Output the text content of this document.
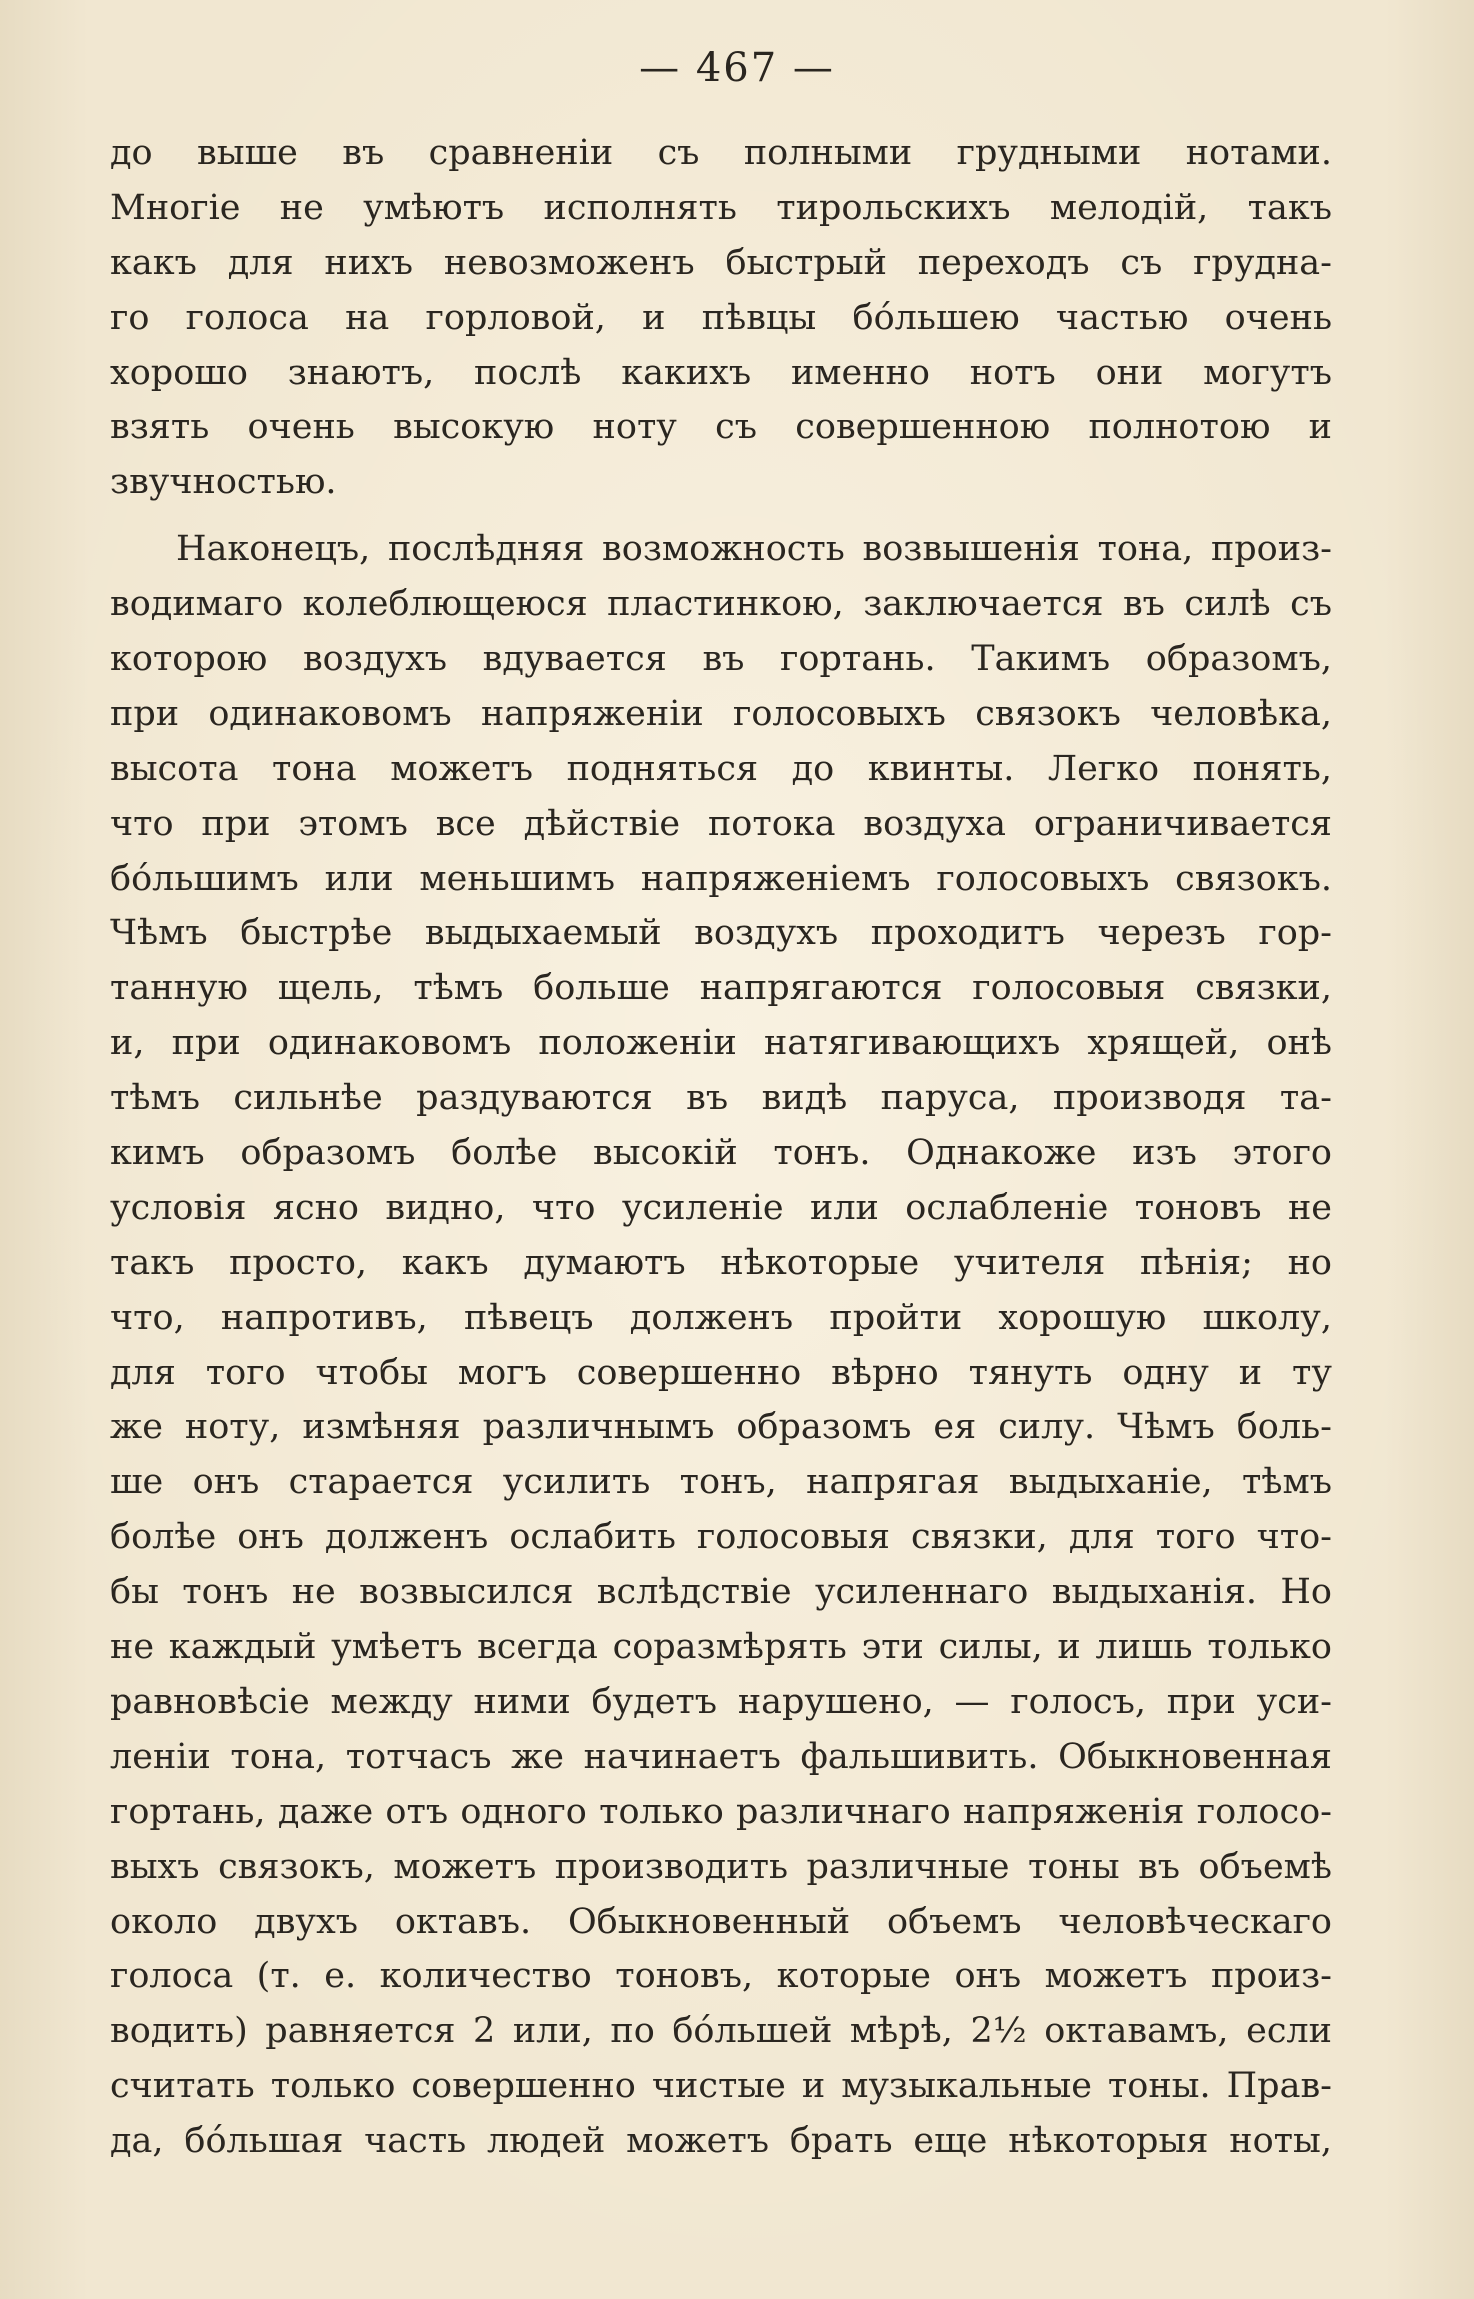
— 467 —
до выше въ сравненіи съ полными грудными нотами.
Многіе не умѣютъ исполнять тирольскихъ мелодій, такъ
какъ для нихъ невозможенъ быстрый переходъ съ грудна-
го голоса на горловой, и пѣвцы бо́льшею частью очень
хорошо знаютъ, послѣ какихъ именно нотъ они могутъ
взять очень высокую ноту съ совершенною полнотою и
звучностью.
Наконецъ, послѣдняя возможность возвышенія тона, произ-
водимаго колеблющеюся пластинкою, заключается въ силѣ съ
которою воздухъ вдувается въ гортань. Такимъ образомъ,
при одинаковомъ напряженіи голосовыхъ связокъ человѣка,
высота тона можетъ подняться до квинты. Легко понять,
что при этомъ все дѣйствіе потока воздуха ограничивается
бо́льшимъ или меньшимъ напряженіемъ голосовыхъ связокъ.
Чѣмъ быстрѣе выдыхаемый воздухъ проходитъ черезъ гор-
танную щель, тѣмъ больше напрягаются голосовыя связки,
и, при одинаковомъ положеніи натягивающихъ хрящей, онѣ
тѣмъ сильнѣе раздуваются въ видѣ паруса, производя та-
кимъ образомъ болѣе высокій тонъ. Однакоже изъ этого
условія ясно видно, что усиленіе или ослабленіе тоновъ не
такъ просто, какъ думаютъ нѣкоторые учителя пѣнія; но
что, напротивъ, пѣвецъ долженъ пройти хорошую школу,
для того чтобы могъ совершенно вѣрно тянуть одну и ту
же ноту, измѣняя различнымъ образомъ ея силу. Чѣмъ боль-
ше онъ старается усилить тонъ, напрягая выдыханіе, тѣмъ
болѣе онъ долженъ ослабить голосовыя связки, для того что-
бы тонъ не возвысился вслѣдствіе усиленнаго выдыханія. Но
не каждый умѣетъ всегда соразмѣрять эти силы, и лишь только
равновѣсіе между ними будетъ нарушено, — голосъ, при уси-
леніи тона, тотчасъ же начинаетъ фальшивить. Обыкновенная
гортань, даже отъ одного только различнаго напряженія голосо-
выхъ связокъ, можетъ производить различные тоны въ объемѣ
около двухъ октавъ. Обыкновенный объемъ человѣческаго
голоса (т. е. количество тоновъ, которые онъ можетъ произ-
водить) равняется 2 или, по бо́льшей мѣрѣ, 2½ октавамъ, если
считать только совершенно чистые и музыкальные тоны. Прав-
да, бо́льшая часть людей можетъ брать еще нѣкоторыя ноты,
